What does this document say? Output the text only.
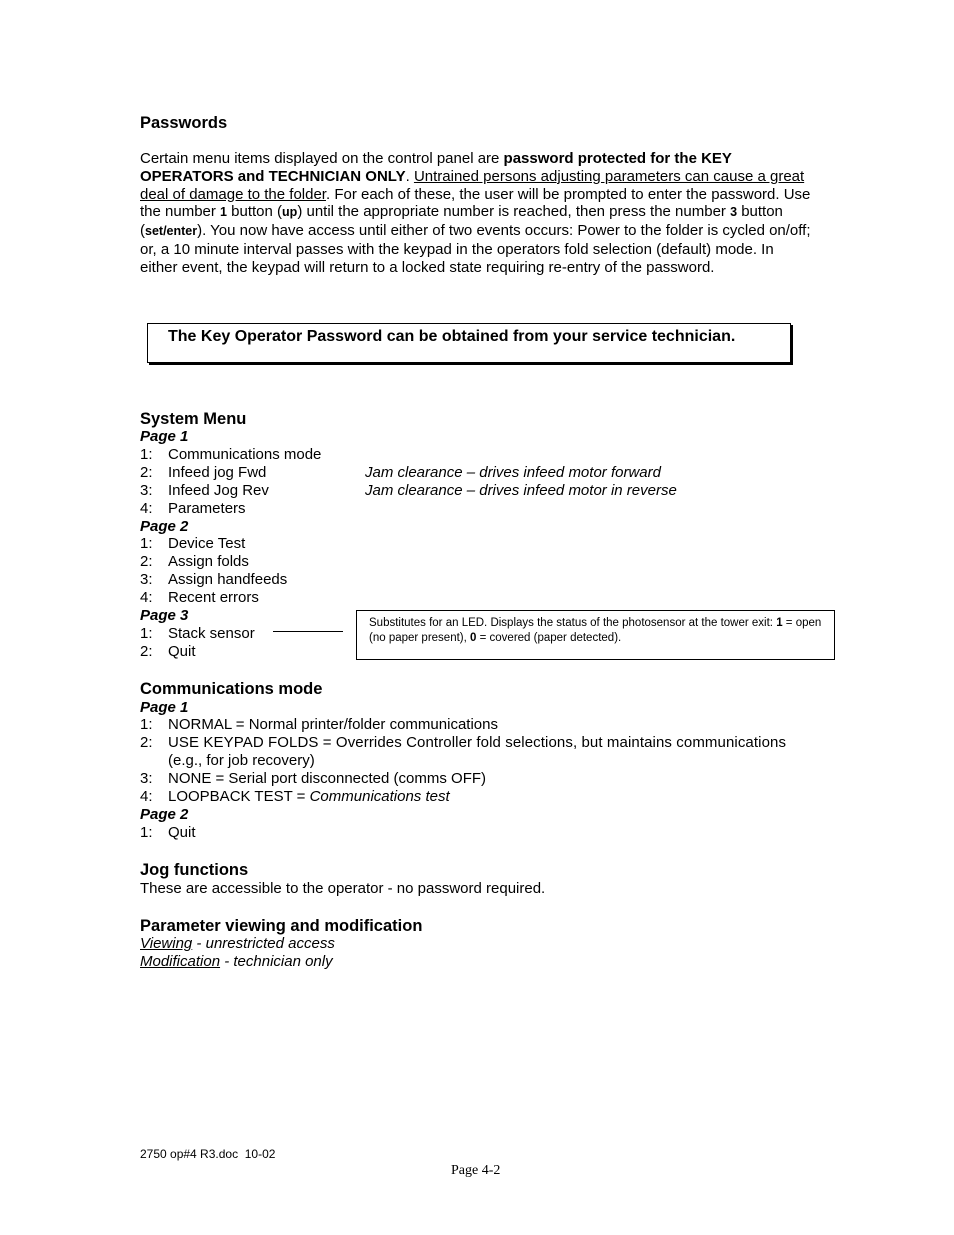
Passwords
Certain menu items displayed on the control panel are password protected for the KEY OPERATORS and TECHNICIAN ONLY. Untrained persons adjusting parameters can cause a great deal of damage to the folder. For each of these, the user will be prompted to enter the password. Use the number 1 button (up) until the appropriate number is reached, then press the number 3 button (set/enter). You now have access until either of two events occurs: Power to the folder is cycled on/off; or, a 10 minute interval passes with the keypad in the operators fold selection (default) mode. In either event, the keypad will return to a locked state requiring re-entry of the password.
The Key Operator Password can be obtained from your service technician.
System Menu
Page 1
1: Communications mode
2: Infeed jog Fwd	Jam clearance – drives infeed motor forward
3: Infeed Jog Rev	Jam clearance – drives infeed motor in reverse
4: Parameters
Page 2
1: Device Test
2: Assign folds
3: Assign handfeeds
4: Recent errors
Page 3
1: Stack sensor
2: Quit
Substitutes for an LED. Displays the status of the photosensor at the tower exit: 1 = open (no paper present), 0 = covered (paper detected).
Communications mode
Page 1
1: NORMAL = Normal printer/folder communications
2: USE KEYPAD FOLDS = Overrides Controller fold selections, but maintains communications
(e.g., for job recovery)
3: NONE = Serial port disconnected (comms OFF)
4: LOOPBACK TEST = Communications test
Page 2
1: Quit
Jog functions
These are accessible to the operator - no password required.
Parameter viewing and modification
Viewing - unrestricted access
Modification - technician only
2750 op#4 R3.doc  10-02
Page 4-2
